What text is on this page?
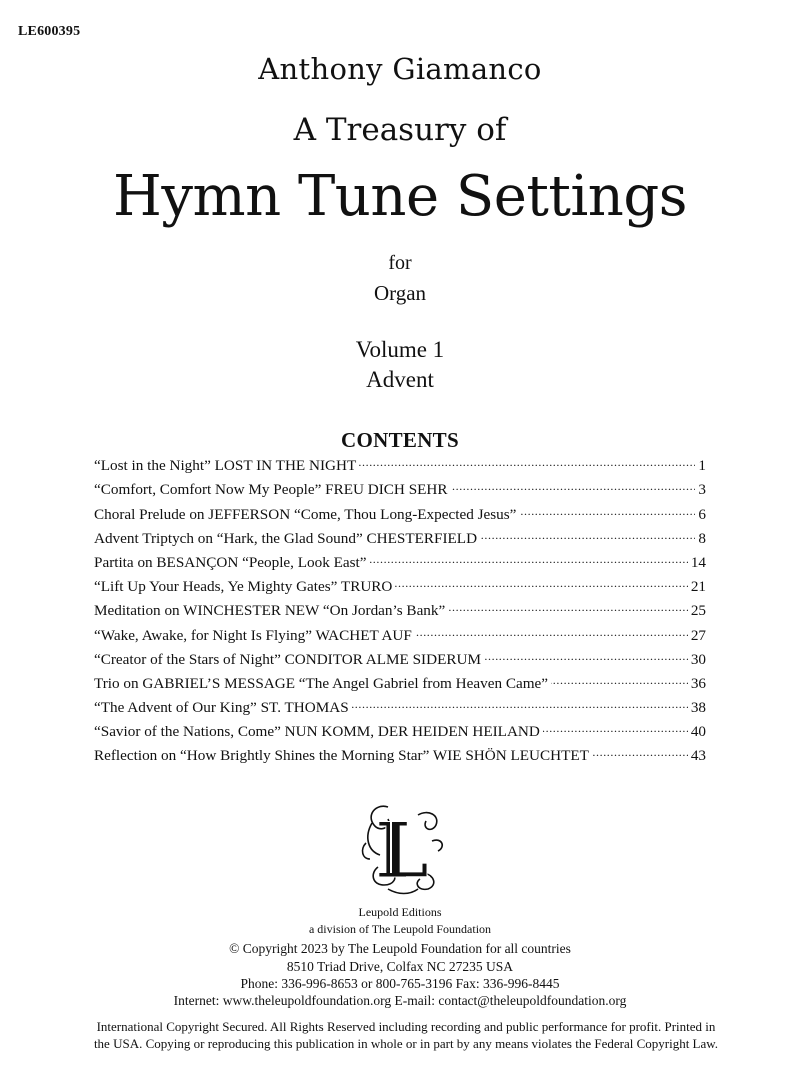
LE600395
Anthony Giamanco
A Treasury of
Hymn Tune Settings
for
Organ
Volume 1
Advent
CONTENTS
“Lost in the Night” LOST IN THE NIGHT . . .	1
“Comfort, Comfort Now My People” FREU DICH SEHR . . .	3
Choral Prelude on JEFFERSON “Come, Thou Long-Expected Jesus” . . .	6
Advent Triptych on “Hark, the Glad Sound” CHESTERFIELD . . .	8
Partita on BESANÇON “People, Look East” . . .	14
“Lift Up Your Heads, Ye Mighty Gates” TRURO . . .	21
Meditation on WINCHESTER NEW “On Jordan’s Bank” . . .	25
“Wake, Awake, for Night Is Flying” WACHET AUF . . .	27
“Creator of the Stars of Night” CONDITOR ALME SIDERUM . . .	30
Trio on GABRIEL’S MESSAGE “The Angel Gabriel from Heaven Came” . . .	36
“The Advent of Our King” ST. THOMAS . . .	38
“Savior of the Nations, Come” NUN KOMM, DER HEIDEN HEILAND . . .	40
Reflection on “How Brightly Shines the Morning Star” WIE SHÖN LEUCHTET . . .	43
L
Leupold Editions
a division of The Leupold Foundation
© Copyright 2023 by The Leupold Foundation for all countries
8510 Triad Drive, Colfax NC 27235 USA
Phone: 336-996-8653 or 800-765-3196 Fax: 336-996-8445
Internet: www.theleupoldfoundation.org E-mail: contact@theleupoldfoundation.org
International Copyright Secured. All Rights Reserved including recording and public performance for profit. Printed in
the USA. Copying or reproducing this publication in whole or in part by any means violates the Federal Copyright Law.
